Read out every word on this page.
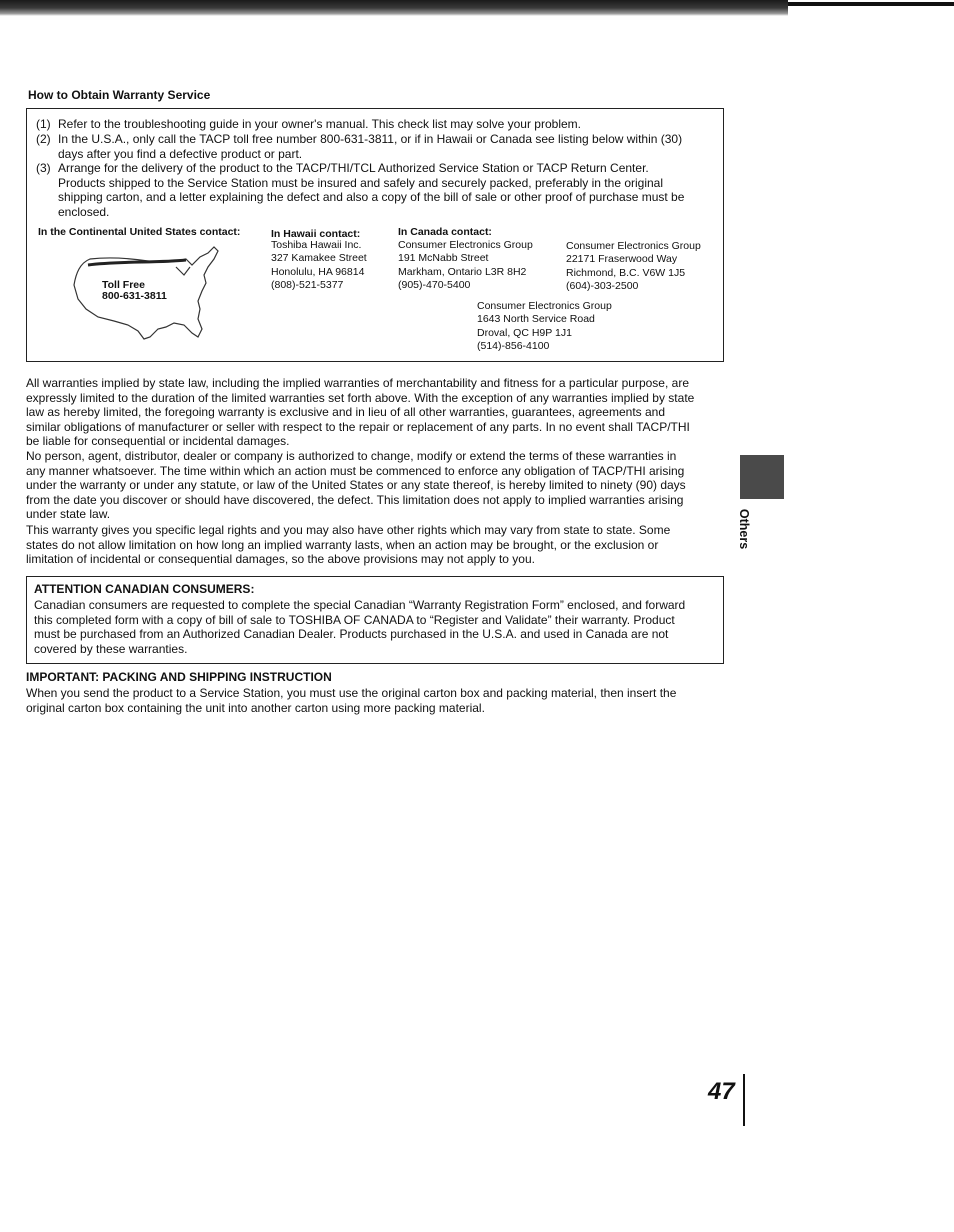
How to Obtain Warranty Service
(1) Refer to the troubleshooting guide in your owner's manual. This check list may solve your problem.
(2) In the U.S.A., only call the TACP toll free number 800-631-3811, or if in Hawaii or Canada see listing below within (30)
days after you find a defective product or part.
(3) Arrange for the delivery of the product to the TACP/THI/TCL Authorized Service Station or TACP Return Center.
Products shipped to the Service Station must be insured and safely and securely packed, preferably in the original
shipping carton, and a letter explaining the defect and also a copy of the bill of sale or other proof of purchase must be
enclosed.
In the Continental United States contact:
Toll Free
800-631-3811
In Hawaii contact:
Toshiba Hawaii Inc.
327 Kamakee Street
Honolulu, HA 96814
(808)-521-5377
In Canada contact:
Consumer Electronics Group
191 McNabb Street
Markham, Ontario L3R 8H2
(905)-470-5400
Consumer Electronics Group
22171 Fraserwood Way
Richmond, B.C. V6W 1J5
(604)-303-2500
Consumer Electronics Group
1643 North Service Road
Droval, QC H9P 1J1
(514)-856-4100
All warranties implied by state law, including the implied warranties of merchantability and fitness for a particular purpose, are
expressly limited to the duration of the limited warranties set forth above. With the exception of any warranties implied by state
law as hereby limited, the foregoing warranty is exclusive and in lieu of all other warranties, guarantees, agreements and
similar obligations of manufacturer or seller with respect to the repair or replacement of any parts. In no event shall TACP/THI
be liable for consequential or incidental damages.
No person, agent, distributor, dealer or company is authorized to change, modify or extend the terms of these warranties in
any manner whatsoever. The time within which an action must be commenced to enforce any obligation of TACP/THI arising
under the warranty or under any statute, or law of the United States or any state thereof, is hereby limited to ninety (90) days
from the date you discover or should have discovered, the defect. This limitation does not apply to implied warranties arising
under state law.
This warranty gives you specific legal rights and you may also have other rights which may vary from state to state. Some
states do not allow limitation on how long an implied warranty lasts, when an action may be brought, or the exclusion or
limitation of incidental or consequential damages, so the above provisions may not apply to you.
ATTENTION CANADIAN CONSUMERS:
Canadian consumers are requested to complete the special Canadian “Warranty Registration Form” enclosed, and forward
this completed form with a copy of bill of sale to TOSHIBA OF CANADA to “Register and Validate” their warranty. Product
must be purchased from an Authorized Canadian Dealer. Products purchased in the U.S.A. and used in Canada are not
covered by these warranties.
IMPORTANT: PACKING AND SHIPPING INSTRUCTION
When you send the product to a Service Station, you must use the original carton box and packing material, then insert the
original carton box containing the unit into another carton using more packing material.
Others
47
